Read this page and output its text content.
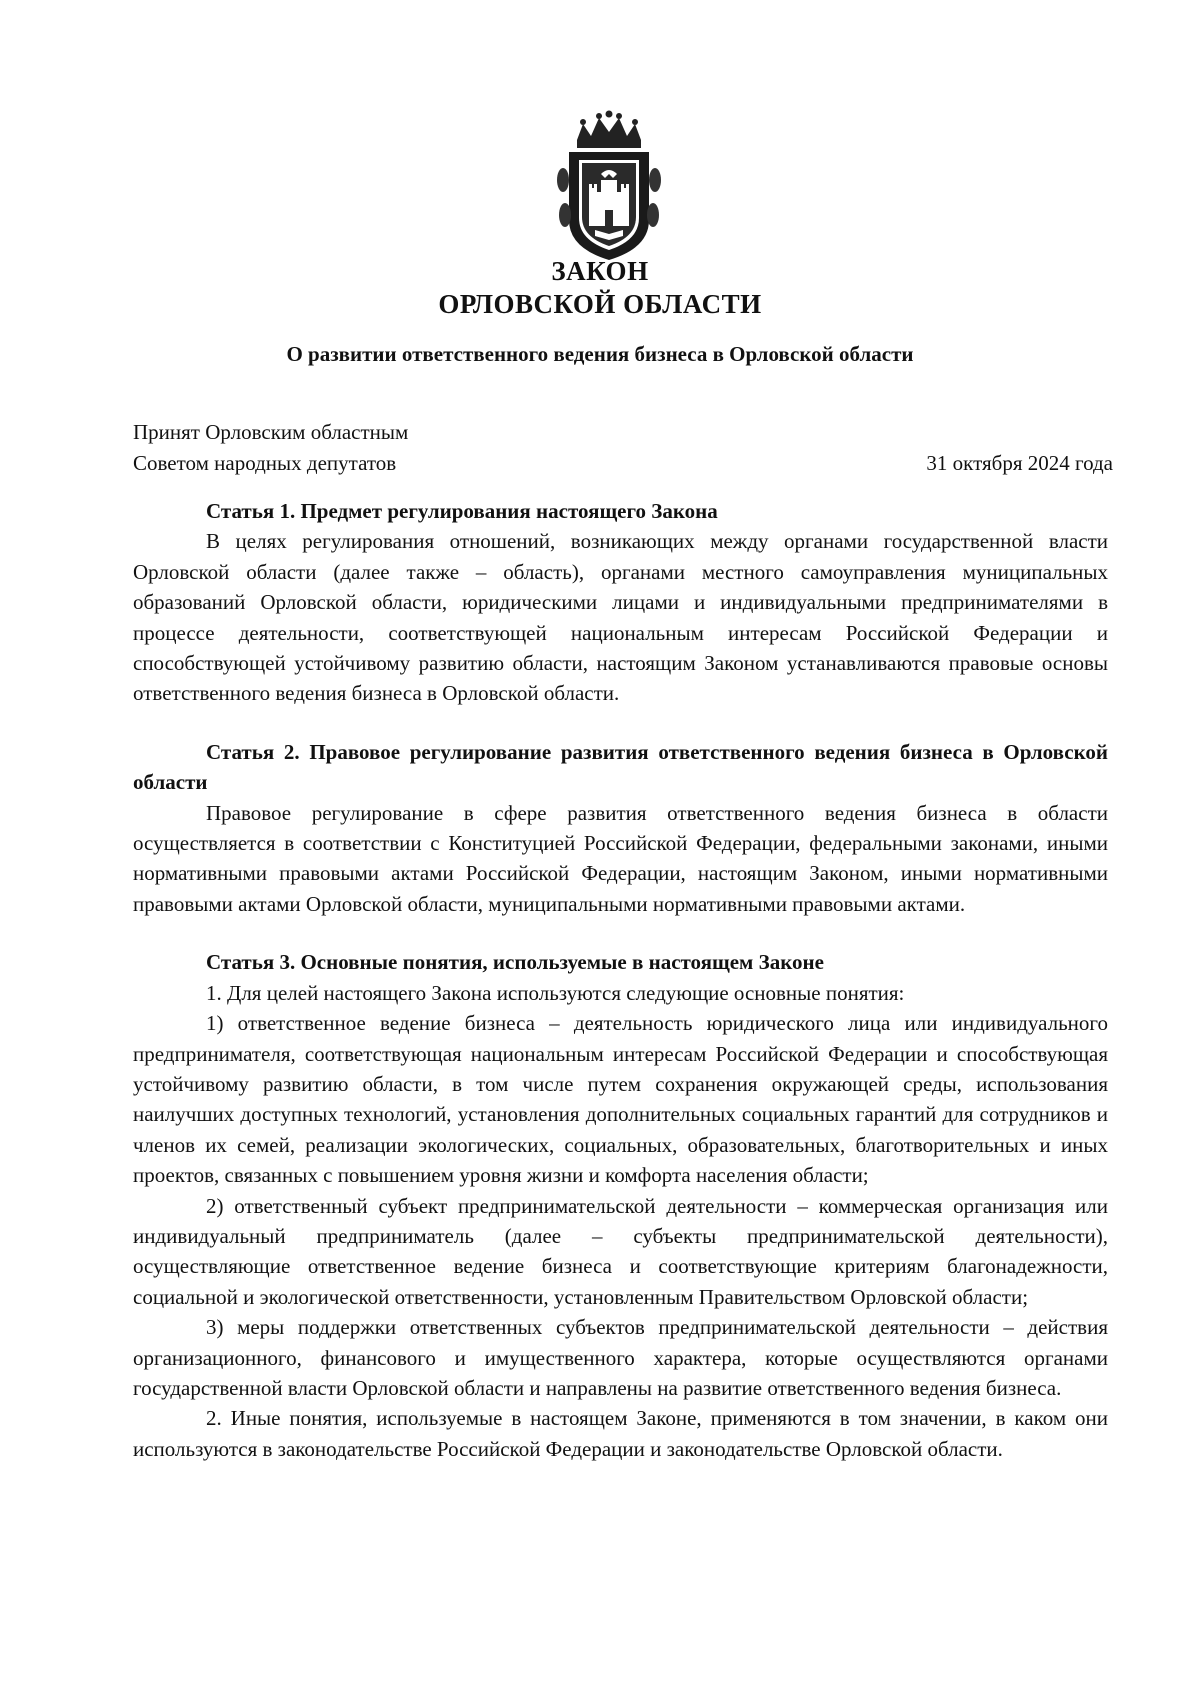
ЗАКОН

ОРЛОВСКОЙ ОБЛАСТИ

О развитии ответственного ведения бизнеса в Орловской области

Принят Орловским областным
Советом народных депутатов	31 октября 2024 года

Статья 1. Предмет регулирования настоящего Закона

В целях регулирования отношений, возникающих между органами государственной власти Орловской области (далее также – область), органами местного самоуправления муниципальных образований Орловской области, юридическими лицами и индивидуальными предпринимателями в процессе деятельности, соответствующей национальным интересам Российской Федерации и способствующей устойчивому развитию области, настоящим Законом устанавливаются правовые основы ответственного ведения бизнеса в Орловской области.

Статья 2. Правовое регулирование развития ответственного ведения бизнеса в Орловской области

Правовое регулирование в сфере развития ответственного ведения бизнеса в области осуществляется в соответствии с Конституцией Российской Федерации, федеральными законами, иными нормативными правовыми актами Российской Федерации, настоящим Законом, иными нормативными правовыми актами Орловской области, муниципальными нормативными правовыми актами.

Статья 3. Основные понятия, используемые в настоящем Законе

1. Для целей настоящего Закона используются следующие основные понятия:

1) ответственное ведение бизнеса – деятельность юридического лица или индивидуального предпринимателя, соответствующая национальным интересам Российской Федерации и способствующая устойчивому развитию области, в том числе путем сохранения окружающей среды, использования наилучших доступных технологий, установления дополнительных социальных гарантий для сотрудников и членов их семей, реализации экологических, социальных, образовательных, благотворительных и иных проектов, связанных с повышением уровня жизни и комфорта населения области;

2) ответственный субъект предпринимательской деятельности – коммерческая организация или индивидуальный предприниматель (далее – субъекты предпринимательской деятельности), осуществляющие ответственное ведение бизнеса и соответствующие критериям благонадежности, социальной и экологической ответственности, установленным Правительством Орловской области;

3) меры поддержки ответственных субъектов предпринимательской деятельности – действия организационного, финансового и имущественного характера, которые осуществляются органами государственной власти Орловской области и направлены на развитие ответственного ведения бизнеса.

2. Иные понятия, используемые в настоящем Законе, применяются в том значении, в каком они используются в законодательстве Российской Федерации и законодательстве Орловской области.
